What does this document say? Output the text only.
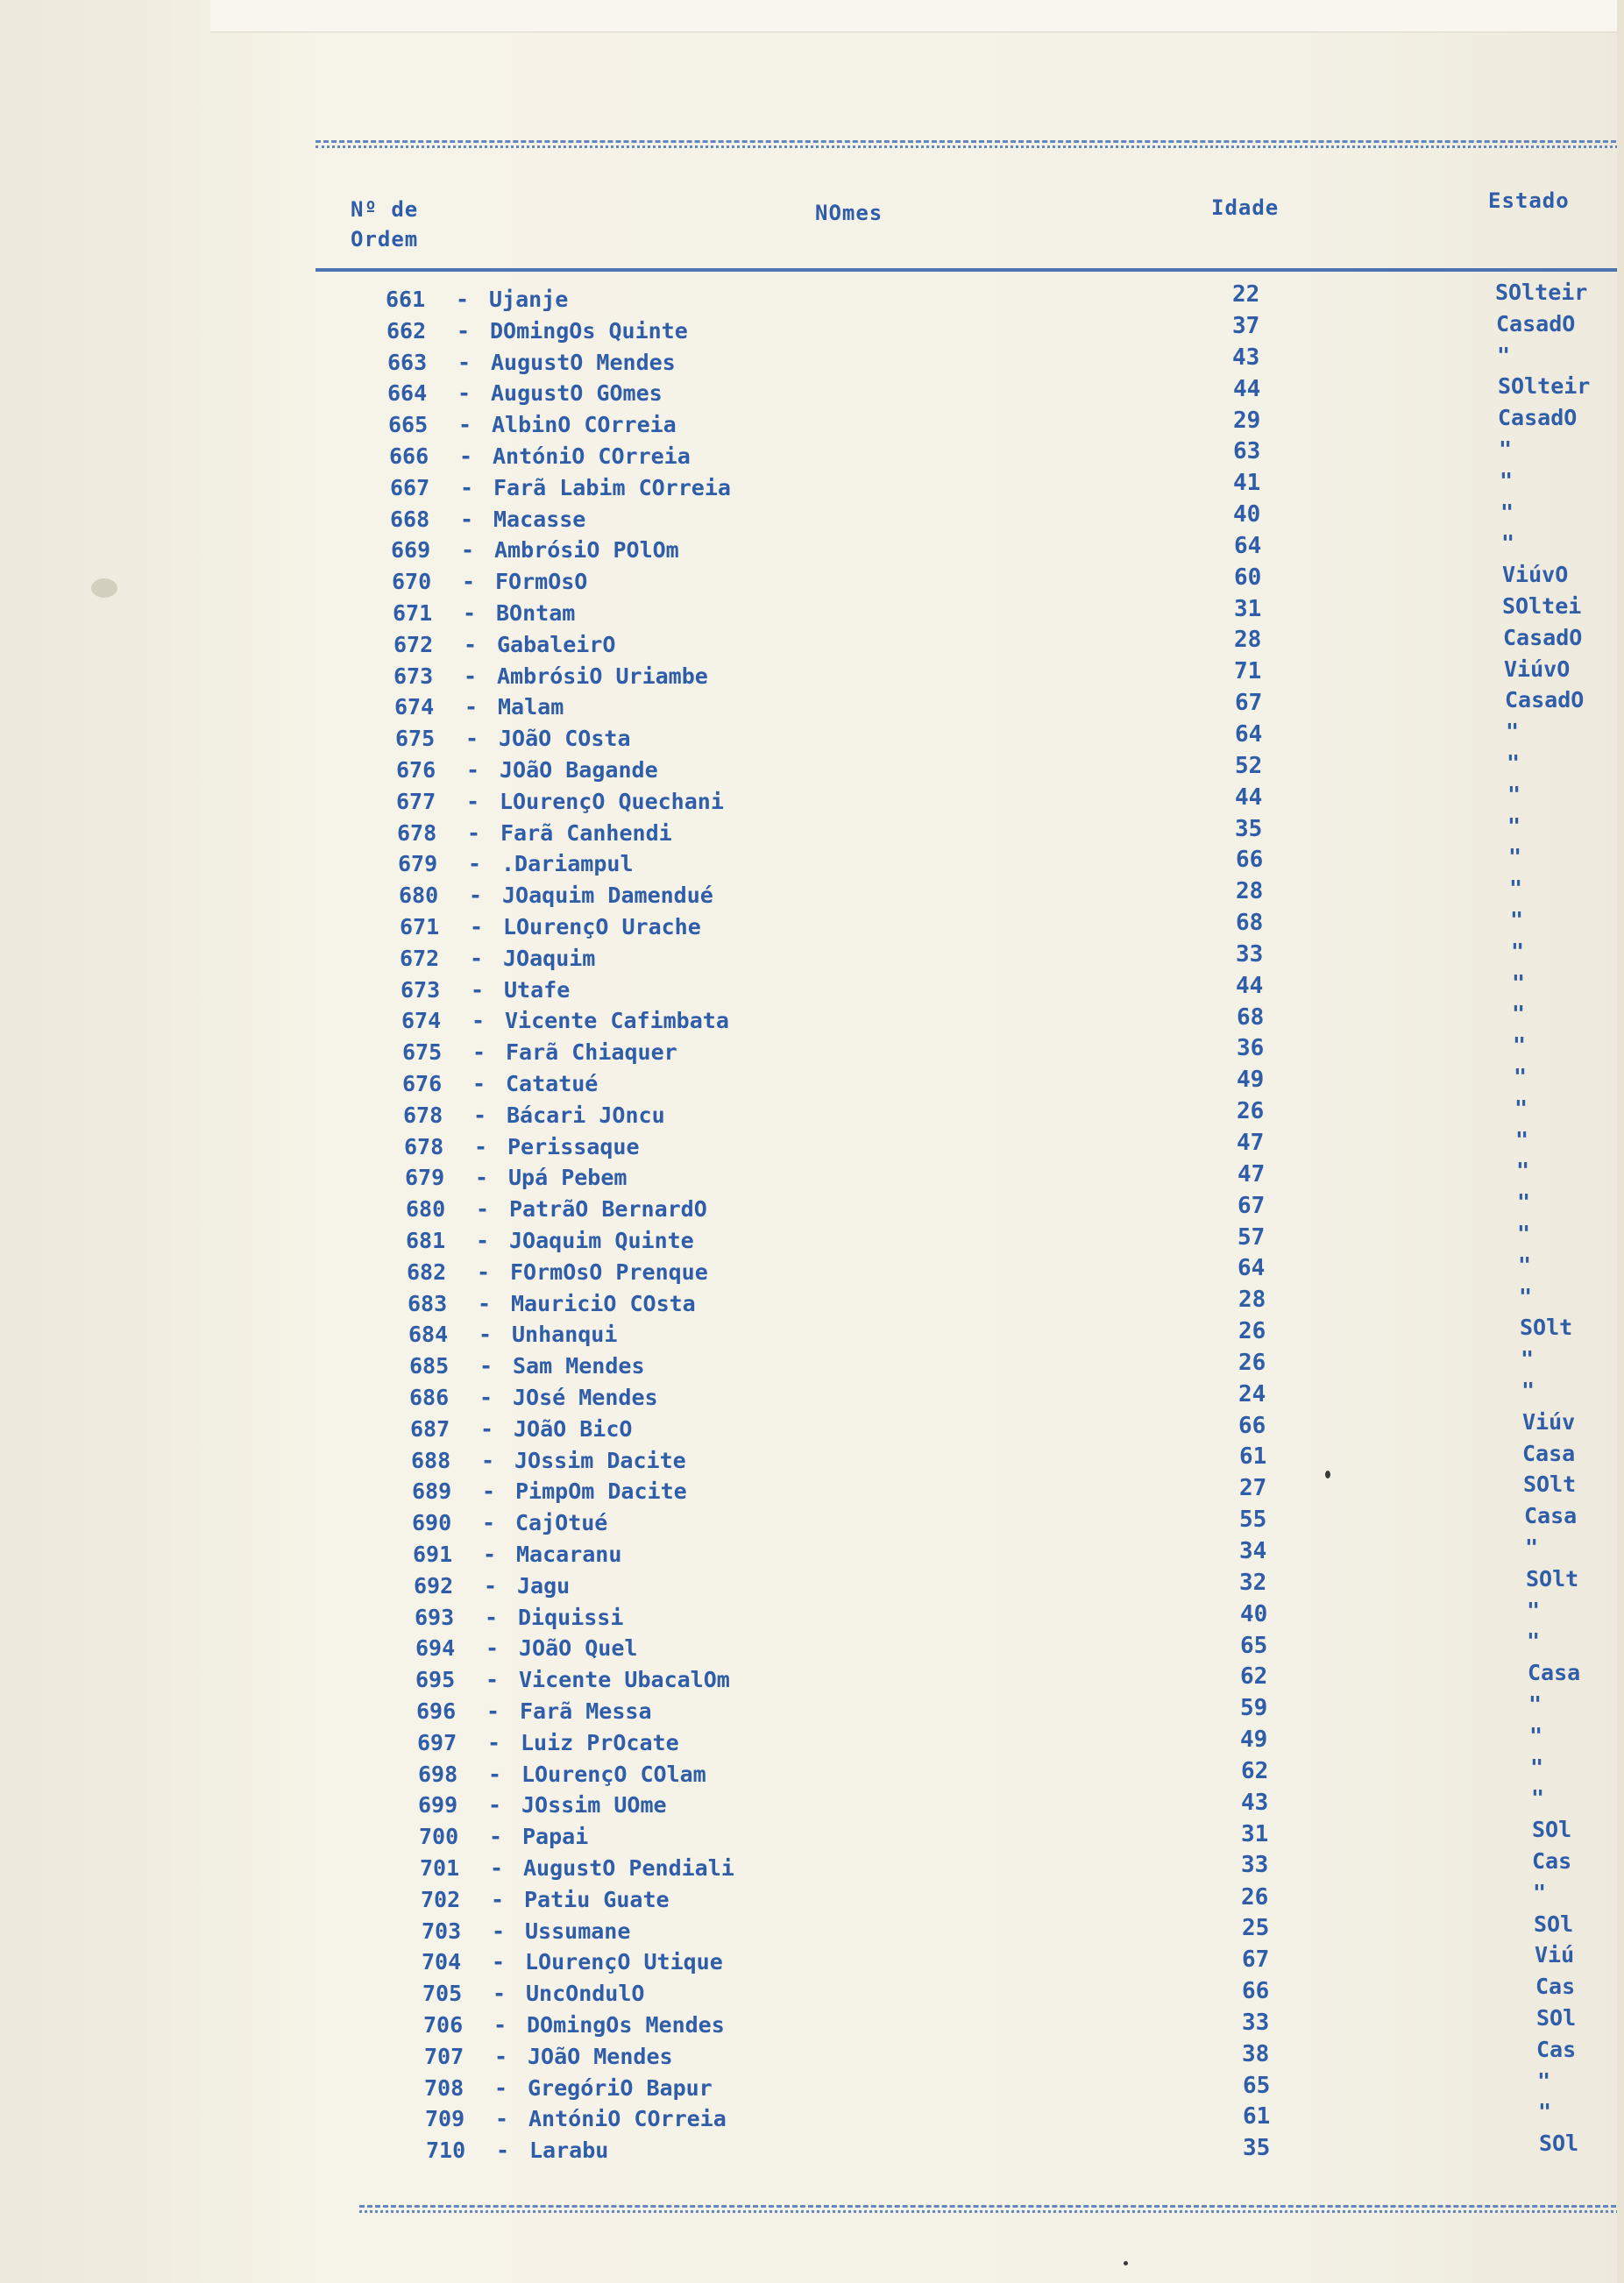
Nº de
Ordem
NOmes	Idade	Estado
661	- Ujanje	22	SOlteir
662	- DOmingOs Quinte	37	CasadO
663	- AugustO Mendes	43	"
664	- AugustO GOmes	44	SOlteir
665	- AlbinO COrreia	29	CasadO
666	- AntóniO COrreia	63	"
667	- Farã Labim COrreia	41	"
668	- Macasse	40	"
669	- AmbrósiO POlOm	64	"
670	- FOrmOsO	60	ViúvO
671	- BOntam	31	SOltei
672	- GabaleirO	28	CasadO
673	- AmbrósiO Uriambe	71	ViúvO
674	- Malam	67	CasadO
675	- JOãO COsta	64	"
676	- JOãO Bagande	52	"
677	- LOurençO Quechani	44	"
678	- Farã Canhendi	35	"
679	- .Dariampul	66	"
680	- JOaquim Damendué	28	"
671	- LOurençO Urache	68	"
672	- JOaquim	33	"
673	- Utafe	44	"
674	- Vicente Cafimbata	68	"
675	- Farã Chiaquer	36	"
676	- Catatué	49	"
678	- Bácari JOncu	26	"
678	- Perissaque	47	"
679	- Upá Pebem	47	"
680	- PatrãO BernardO	67	"
681	- JOaquim Quinte	57	"
682	- FOrmOsO Prenque	64	"
683	- MauriciO COsta	28	"
684	- Unhanqui	26	SOlt
685	- Sam Mendes	26	"
686	- JOsé Mendes	24	"
687	- JOãO BicO	66	Viúv
688	- JOssim Dacite	61	Casa
689	- PimpOm Dacite	27	SOlt
690	- CajOtué	55	Casa
691	- Macaranu	34	"
692	- Jagu	32	SOlt
693	- Diquissi	40	"
694	- JOãO Quel	65	"
695	- Vicente UbacalOm	62	Casa
696	- Farã Messa	59	"
697	- Luiz PrOcate	49	"
698	- LOurençO COlam	62	"
699	- JOssim UOme	43	"
700	- Papai	31	SOl
701	- AugustO Pendiali	33	Cas
702	- Patiu Guate	26	"
703	- Ussumane	25	SOl
704	- LOurençO Utique	67	Viú
705	- UncOndulO	66	Cas
706	- DOmingOs Mendes	33	SOl
707	- JOãO Mendes	38	Cas
708	- GregóriO Bapur	65	"
709	- AntóniO COrreia	61	"
710	- Larabu	35	SOl
